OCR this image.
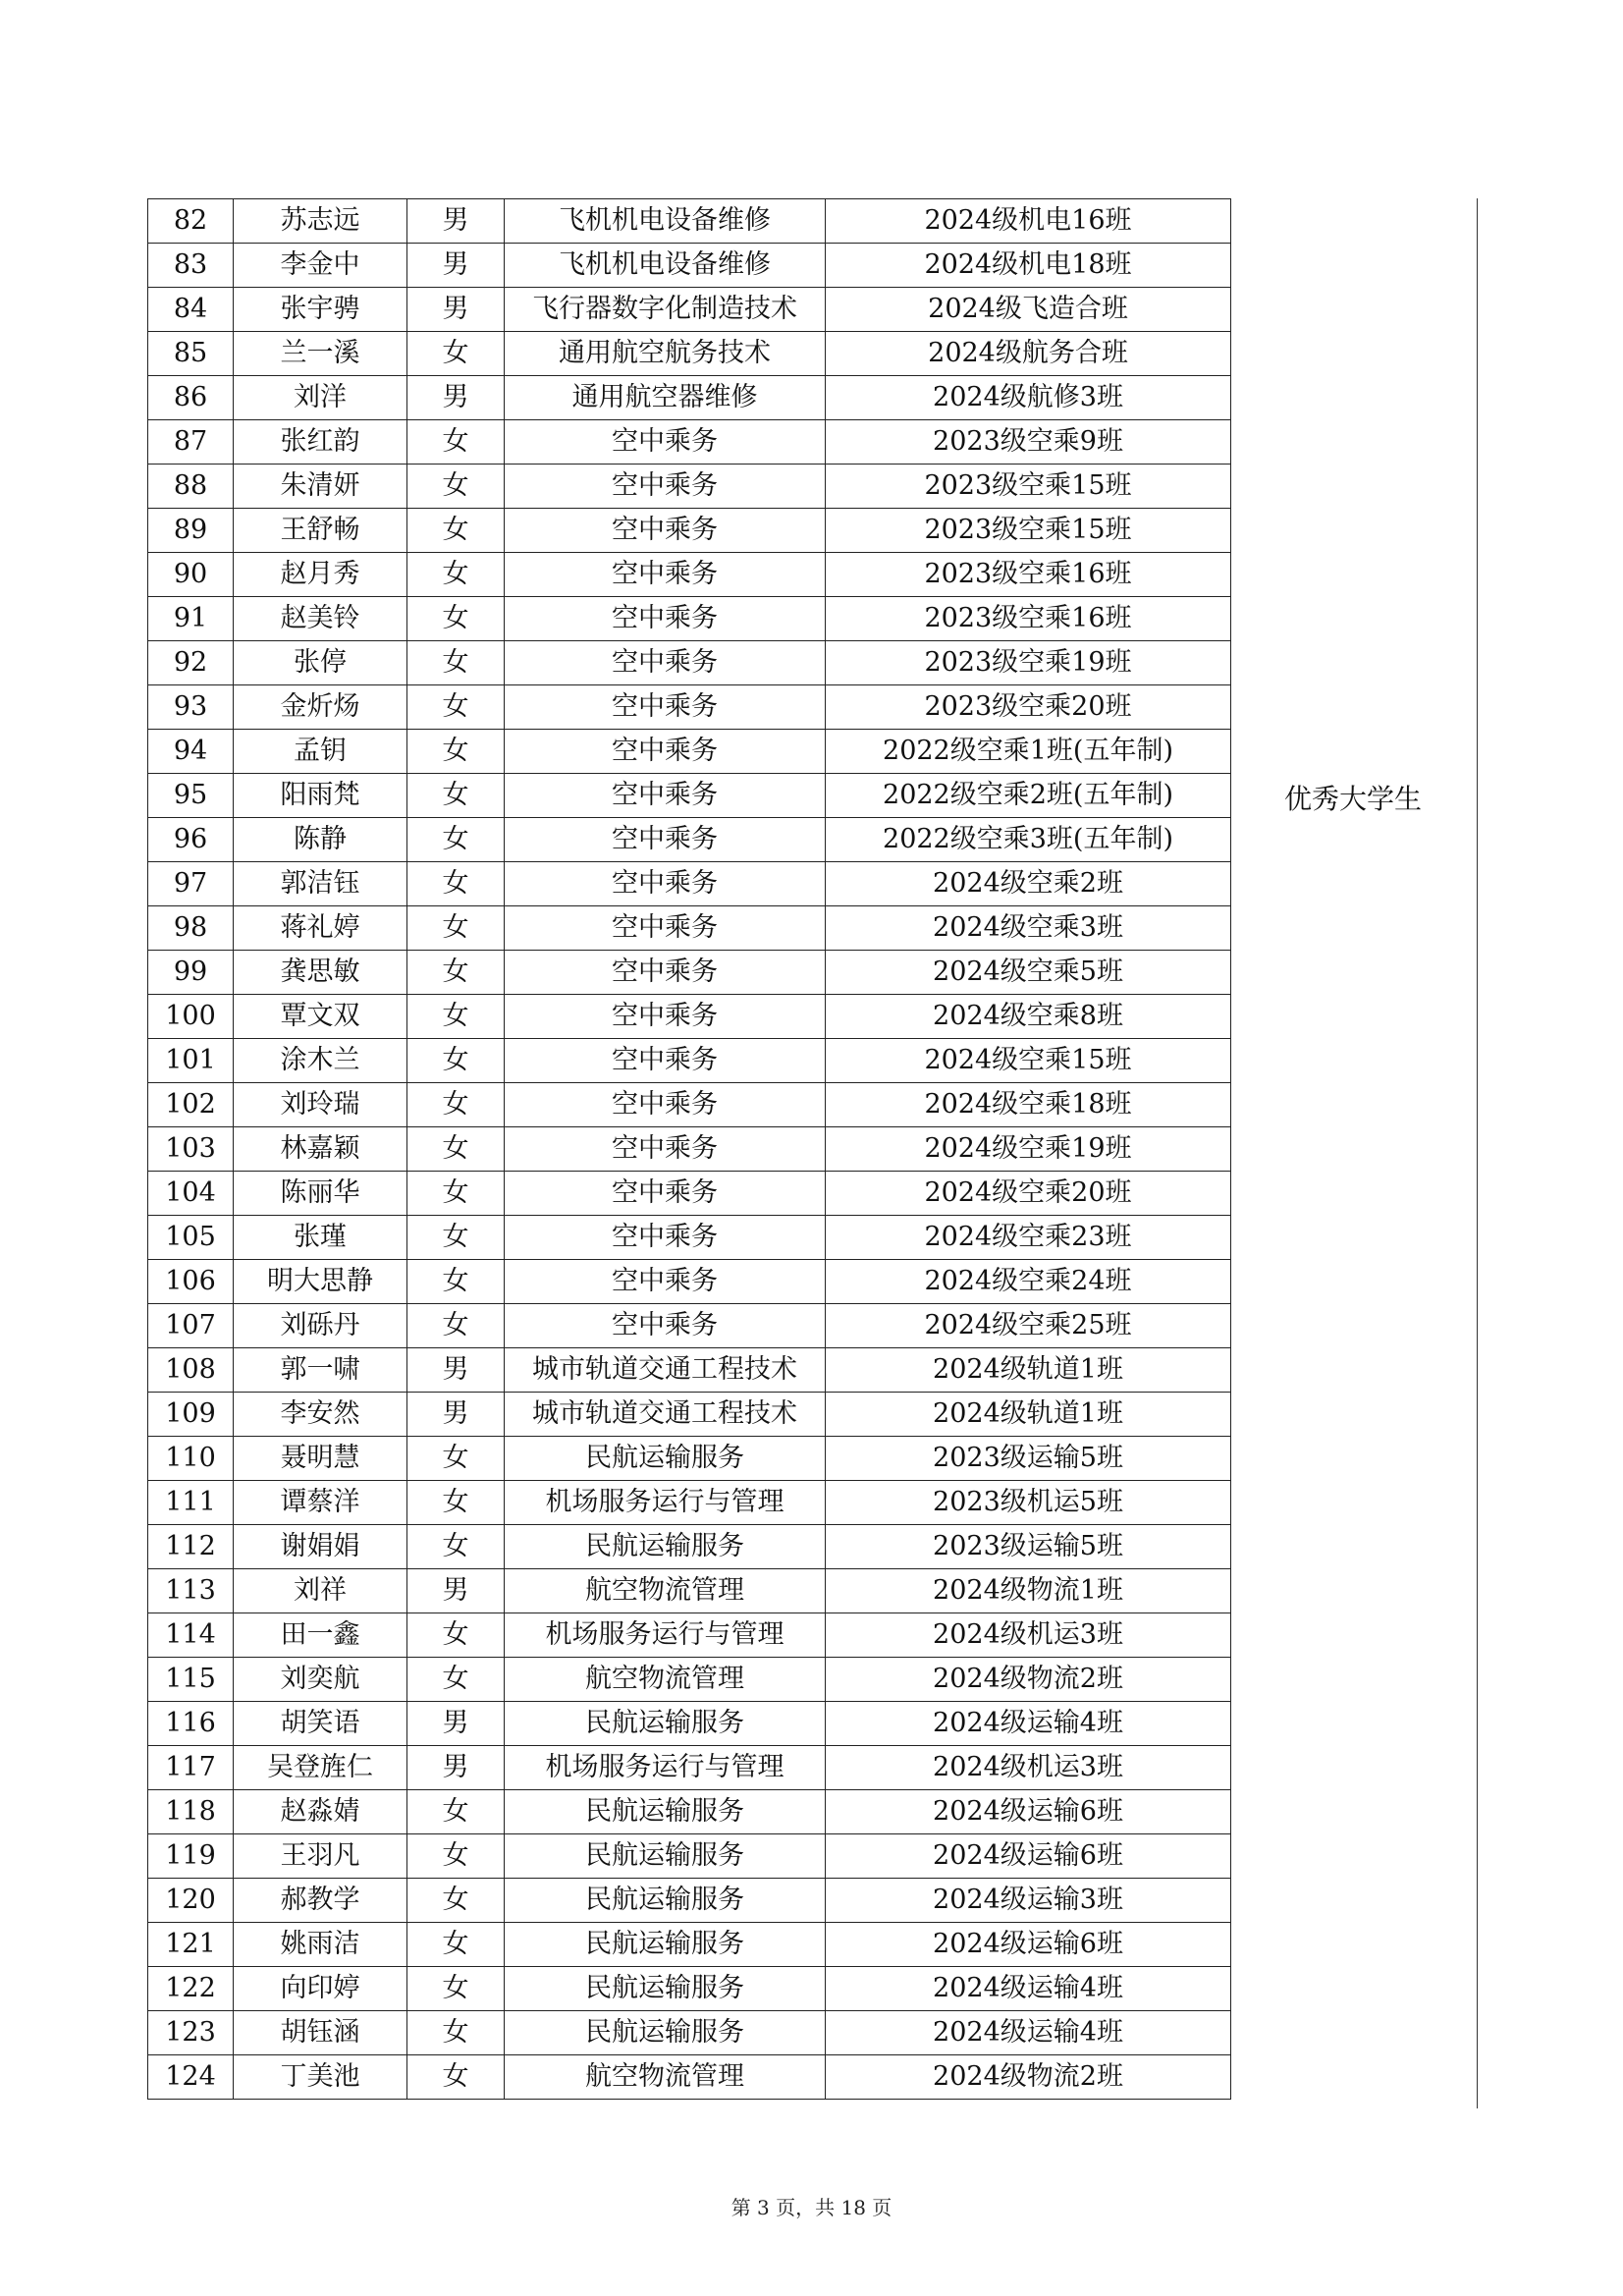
82	苏志远	男	飞机机电设备维修	2024级机电16班
83	李金中	男	飞机机电设备维修	2024级机电18班
84	张宇骋	男	飞行器数字化制造技术	2024级飞造合班
85	兰一溪	女	通用航空航务技术	2024级航务合班
86	刘洋	男	通用航空器维修	2024级航修3班
87	张红韵	女	空中乘务	2023级空乘9班
88	朱清妍	女	空中乘务	2023级空乘15班
89	王舒畅	女	空中乘务	2023级空乘15班
90	赵月秀	女	空中乘务	2023级空乘16班
91	赵美铃	女	空中乘务	2023级空乘16班
92	张停	女	空中乘务	2023级空乘19班
93	金炘炀	女	空中乘务	2023级空乘20班
94	孟钥	女	空中乘务	2022级空乘1班(五年制)
95	阳雨梵	女	空中乘务	2022级空乘2班(五年制)
96	陈静	女	空中乘务	2022级空乘3班(五年制)
97	郭洁钰	女	空中乘务	2024级空乘2班
98	蒋礼婷	女	空中乘务	2024级空乘3班
99	龚思敏	女	空中乘务	2024级空乘5班
100	覃文双	女	空中乘务	2024级空乘8班
101	涂木兰	女	空中乘务	2024级空乘15班
102	刘玲瑞	女	空中乘务	2024级空乘18班
103	林嘉颖	女	空中乘务	2024级空乘19班
104	陈丽华	女	空中乘务	2024级空乘20班
105	张瑾	女	空中乘务	2024级空乘23班
106	明大思静	女	空中乘务	2024级空乘24班
107	刘砾丹	女	空中乘务	2024级空乘25班
108	郭一啸	男	城市轨道交通工程技术	2024级轨道1班
109	李安然	男	城市轨道交通工程技术	2024级轨道1班
110	聂明慧	女	民航运输服务	2023级运输5班
111	谭蔡洋	女	机场服务运行与管理	2023级机运5班
112	谢娟娟	女	民航运输服务	2023级运输5班
113	刘祥	男	航空物流管理	2024级物流1班
114	田一鑫	女	机场服务运行与管理	2024级机运3班
115	刘奕航	女	航空物流管理	2024级物流2班
116	胡笑语	男	民航运输服务	2024级运输4班
117	吴登旌仁	男	机场服务运行与管理	2024级机运3班
118	赵淼婧	女	民航运输服务	2024级运输6班
119	王羽凡	女	民航运输服务	2024级运输6班
120	郝教学	女	民航运输服务	2024级运输3班
121	姚雨洁	女	民航运输服务	2024级运输6班
122	向印婷	女	民航运输服务	2024级运输4班
123	胡钰涵	女	民航运输服务	2024级运输4班
124	丁美池	女	航空物流管理	2024级物流2班
优秀大学生
第 3 页，共 18 页
